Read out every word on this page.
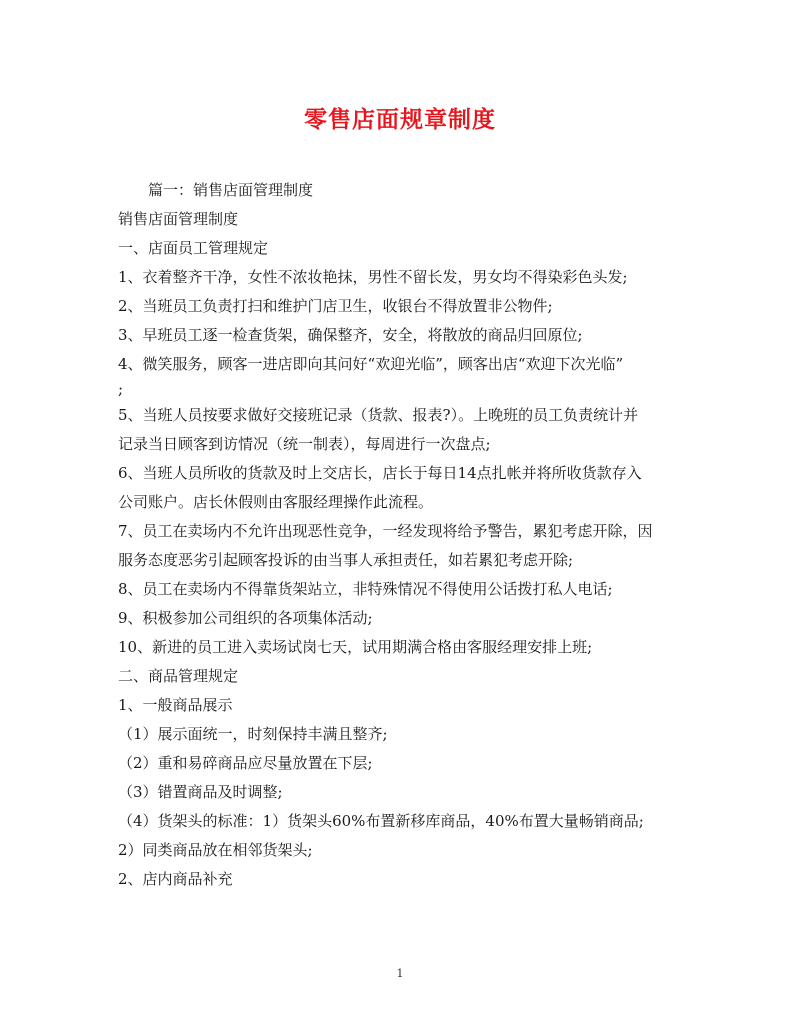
零售店面规章制度

篇一：销售店面管理制度

销售店面管理制度

一、店面员工管理规定

1、衣着整齐干净，女性不浓妆艳抹，男性不留长发，男女均不得染彩色头发;

2、当班员工负责打扫和维护门店卫生，收银台不得放置非公物件;

3、早班员工逐一检查货架，确保整齐，安全，将散放的商品归回原位;

4、微笑服务，顾客一进店即向其问好“欢迎光临”，顾客出店“欢迎下次光临”

;

5、当班人员按要求做好交接班记录（货款、报表?）。上晚班的员工负责统计并

记录当日顾客到访情况（统一制表），每周进行一次盘点;

6、当班人员所收的货款及时上交店长，店长于每日14点扎帐并将所收货款存入

公司账户。店长休假则由客服经理操作此流程。

7、员工在卖场内不允许出现恶性竞争，一经发现将给予警告，累犯考虑开除，因

服务态度恶劣引起顾客投诉的由当事人承担责任，如若累犯考虑开除;

8、员工在卖场内不得靠货架站立，非特殊情况不得使用公话拨打私人电话;

9、积极参加公司组织的各项集体活动;

10、新进的员工进入卖场试岗七天，试用期满合格由客服经理安排上班;

二、商品管理规定

1、一般商品展示

（1）展示面统一，时刻保持丰满且整齐;

（2）重和易碎商品应尽量放置在下层;

（3）错置商品及时调整;

（4）货架头的标准：1）货架头60%布置新移库商品，40%布置大量畅销商品;

2）同类商品放在相邻货架头;

2、店内商品补充

1
